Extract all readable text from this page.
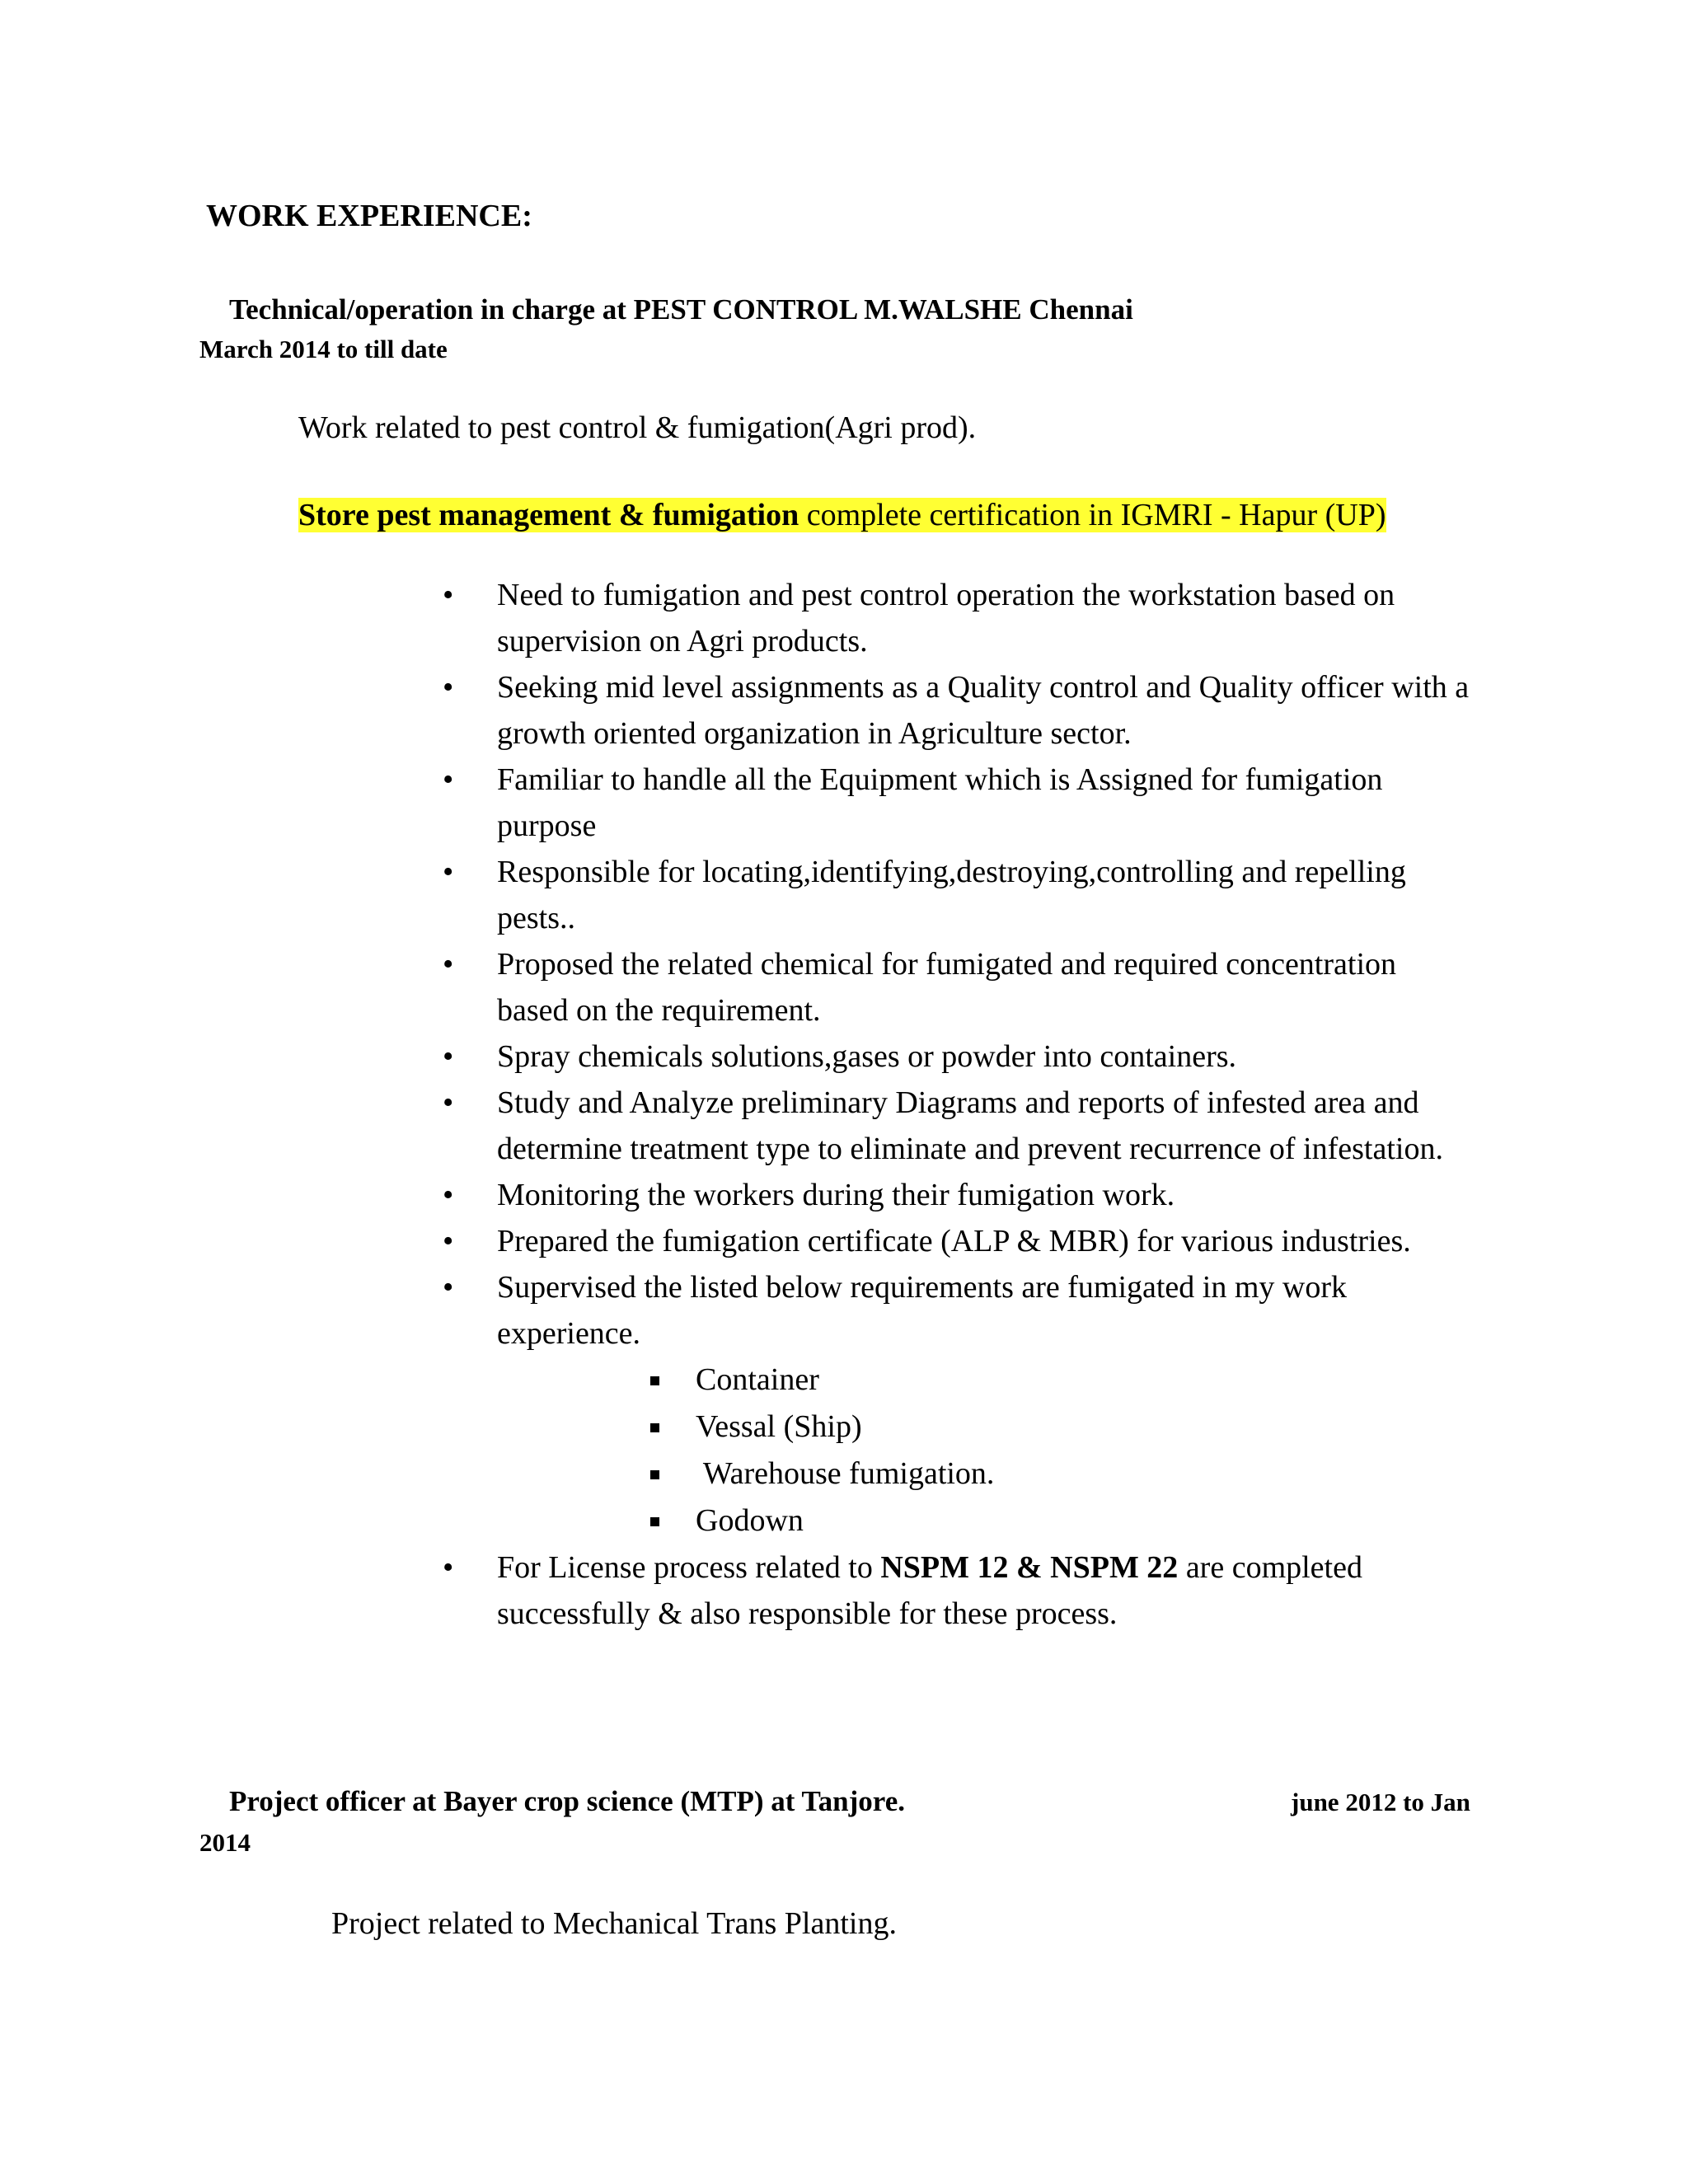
WORK EXPERIENCE:
Technical/operation in charge at PEST CONTROL M.WALSHE Chennai
March 2014 to till date
Work related to pest control & fumigation(Agri prod).
Store pest management & fumigation complete certification in IGMRI - Hapur (UP)
• Need to fumigation and pest control operation the workstation based on supervision on Agri products.
• Seeking mid level assignments as a Quality control and Quality officer with a growth oriented organization in Agriculture sector.
• Familiar to handle all the Equipment which is Assigned for fumigation purpose
• Responsible for locating,identifying,destroying,controlling and repelling pests..
• Proposed the related chemical for fumigated and required concentration based on the requirement.
• Spray chemicals solutions,gases or powder into containers.
• Study and Analyze preliminary Diagrams and reports of infested area and determine treatment type to eliminate and prevent recurrence of infestation.
• Monitoring the workers during their fumigation work.
• Prepared the fumigation certificate (ALP & MBR) for various industries.
• Supervised the listed below requirements are fumigated in my work experience.
Container
Vessal (Ship)
Warehouse fumigation.
Godown
• For License process related to NSPM 12 & NSPM 22 are completed successfully & also responsible for these process.
Project officer at Bayer crop science (MTP) at Tanjore.	june 2012 to Jan
2014
Project related to Mechanical Trans Planting.
